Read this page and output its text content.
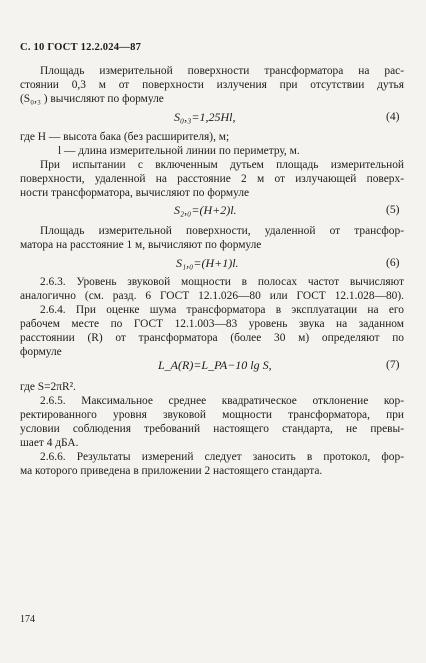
С. 10 ГОСТ 12.2.024—87
Площадь измерительной поверхности трансформатора на рас-
стоянии 0,3 м от поверхности излучения при отсутствии дутья
(S₀,₃ ) вычисляют по формуле
где H — высота бака (без расширителя), м;
l — длина измерительной линии по периметру, м.
При испытании с включенным дутьем площадь измерительной
поверхности, удаленной на расстояние 2 м от излучающей поверх-
ности трансформатора, вычисляют по формуле
Площадь измерительной поверхности, удаленной от трансфор-
матора на расстояние 1 м, вычисляют по формуле
2.6.3. Уровень звуковой мощности в полосах частот вычисляют
аналогично (см. разд. 6 ГОСТ 12.1.026—80 или ГОСТ 12.1.028—80).
2.6.4. При оценке шума трансформатора в эксплуатации на его
рабочем месте по ГОСТ 12.1.003—83 уровень звука на заданном
расстоянии (R) от трансформатора (более 30 м) определяют по
формуле
где S=2πR².
2.6.5. Максимальное среднее квадратическое отклонение кор-
ректированного уровня звуковой мощности трансформатора, при
условии соблюдения требований настоящего стандарта, не превы-
шает 4 дБА.
2.6.6. Результаты измерений следует заносить в протокол, фор-
ма которого приведена в приложении 2 настоящего стандарта.
S₀,₃=1,25Hl,	(4)
S₂,₀=(H+2)l.	(5)
S₁,₀=(H+1)l.	(6)
L_A(R)=L_PA−10 lg S,	(7)
174
